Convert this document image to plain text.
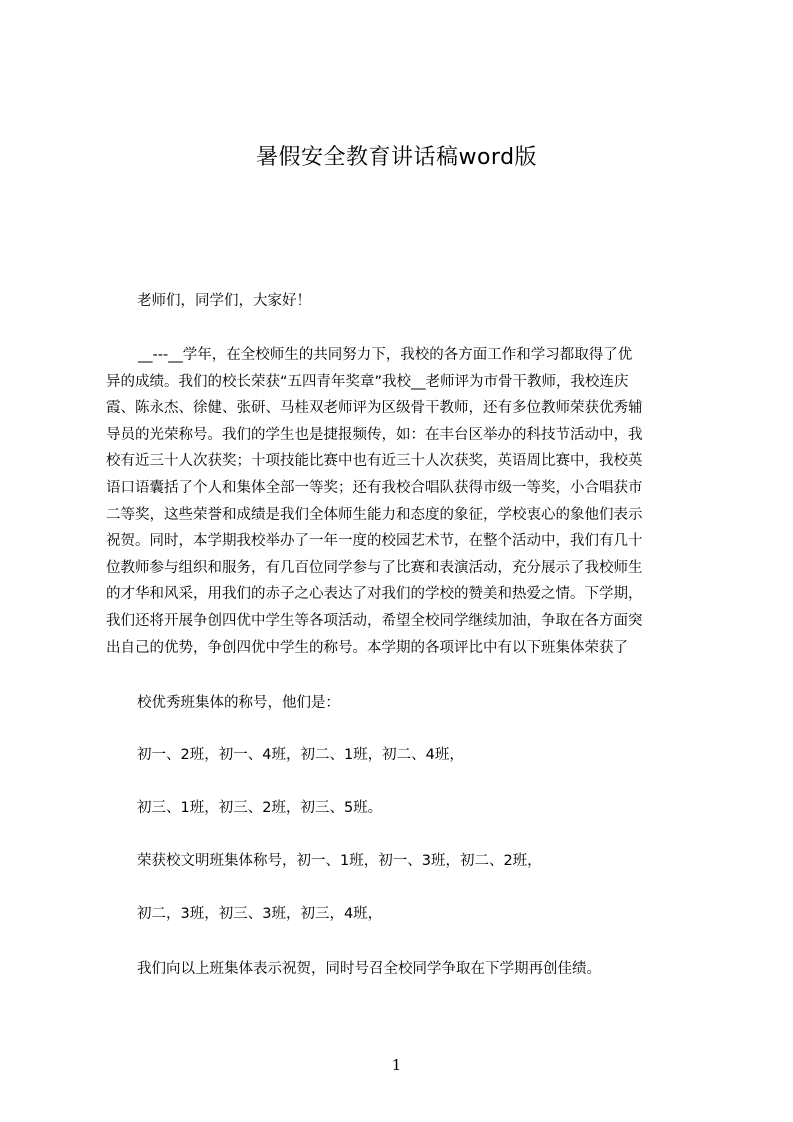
暑假安全教育讲话稿word版
老师们，同学们，大家好！
__---__学年，在全校师生的共同努力下，我校的各方面工作和学习都取得了优
异的成绩。我们的校长荣获“五四青年奖章”我校__老师评为市骨干教师，我校连庆
霞、陈永杰、徐健、张研、马桂双老师评为区级骨干教师，还有多位教师荣获优秀辅
导员的光荣称号。我们的学生也是捷报频传，如：在丰台区举办的科技节活动中，我
校有近三十人次获奖；十项技能比赛中也有近三十人次获奖，英语周比赛中，我校英
语口语囊括了个人和集体全部一等奖；还有我校合唱队获得市级一等奖，小合唱获市
二等奖，这些荣誉和成绩是我们全体师生能力和态度的象征，学校衷心的象他们表示
祝贺。同时，本学期我校举办了一年一度的校园艺术节，在整个活动中，我们有几十
位教师参与组织和服务，有几百位同学参与了比赛和表演活动，充分展示了我校师生
的才华和风采，用我们的赤子之心表达了对我们的学校的赞美和热爱之情。下学期，
我们还将开展争创四优中学生等各项活动，希望全校同学继续加油，争取在各方面突
出自己的优势，争创四优中学生的称号。本学期的各项评比中有以下班集体荣获了
校优秀班集体的称号，他们是：
初一、2班，初一、4班，初二、1班，初二、4班，
初三、1班，初三、2班，初三、5班。
荣获校文明班集体称号，初一、1班，初一、3班，初二、2班，
初二，3班，初三、3班，初三，4班，
我们向以上班集体表示祝贺，同时号召全校同学争取在下学期再创佳绩。
1
